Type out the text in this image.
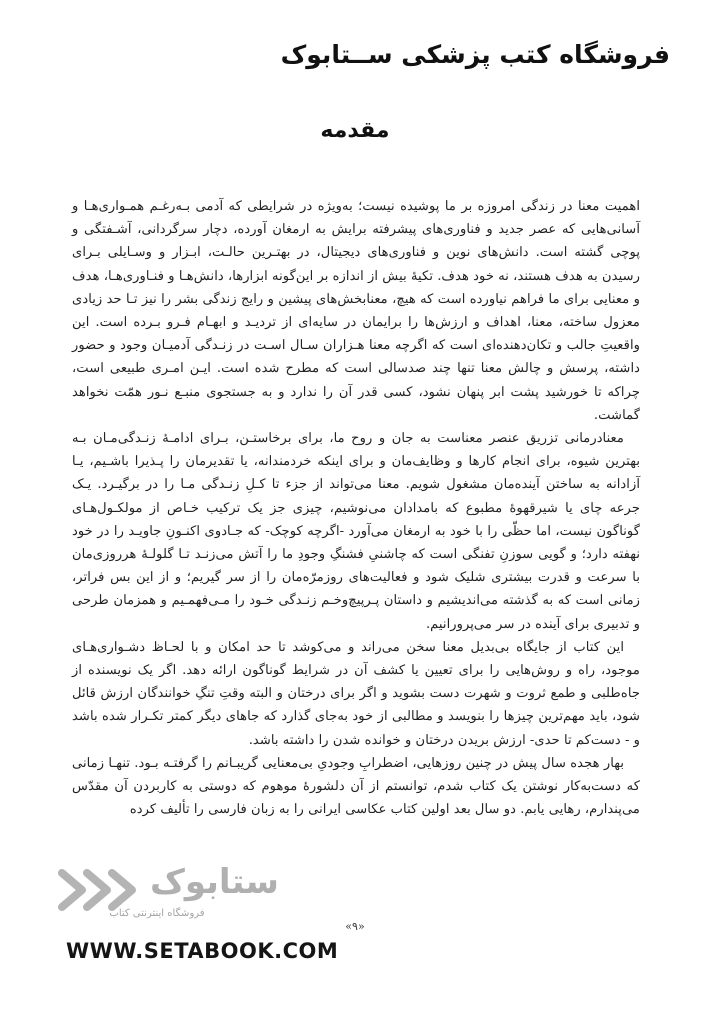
فروشگاه کتب پزشکی ســتابوک
مقدمه

اهمیت معنا در زندگی امروزه بر ما پوشیده نیست؛ به‌ویژه در شرایطی که آدمی بـه‌رغـم همـواری‌هـا و آسانی‌هایی که عصر جدید و فناوری‌های پیشرفته برایش به ارمغان آورده، دچار سرگردانی، آشـفتگی و پوچی گشته است. دانش‌های نوین و فناوری‌های دیجیتال، در بهتـرین حالـت، ابـزار و وسـایلی بـرای رسیدن به هدف هستند، نه خود هدف. تکیهٔ بیش از اندازه بر این‌گونه ابزارها، دانش‌هـا و فنـاوری‌هـا، هدف و معنایی برای ما فراهم نیاورده است که هیچ، معنابخش‌های پیشین و رایج زندگی بشر را نیز تـا حد زیادی معزول ساخته، معنا، اهداف و ارزش‌ها را برایمان در سایه‌ای از تردیـد و ابهـام فـرو بـرده است. این واقعیتِ جالب و تکان‌دهنده‌ای است که اگرچه معنا هـزاران سـال اسـت در زنـدگی آدمیـان وجود و حضور داشته، پرسش و چالش معنا تنها چند صدسالی است که مطرح شده است. ایـن امـری طبیعی است، چراکه تا خورشید پشت ابر پنهان نشود، کسی قدر آن را ندارد و به جستجوی منبـع نـور همّت نخواهد گماشت.

معنادرمانی تزریق عنصر معناست به جان و روح ما، برای برخاستـن، بـرای ادامـهٔ زنـدگی‌مـان بـه بهترین شیوه، برای انجام کارها و وظایف‌مان و برای اینکه خردمندانه، یا تقدیرمان را پـذیرا باشـیم، یـا آزادانه به ساختن آینده‌مان مشغول شویم. معنا می‌تواند از جزء تا کـلِ زنـدگی مـا را در برگیـرد. یـک جرعه چای یا شیرقهوهٔ مطبوع که بامدادان می‌نوشیم، چیزی جز یک ترکیب خـاص از مولکـول‌هـای گوناگون نیست، اما حظّی را با خود به ارمغان می‌آورد -اگرچه کوچک- که جـادوی اکنـونِ جاویـد را در خود نهفته دارد؛ و گویی سوزنِ تفنگی است که چاشنیِ فشنگِ وجودِ ما را آتش می‌زنـد تـا گلولـهٔ هرروزی‌مان با سرعت و قدرت بیشتری شلیک شود و فعالیت‌های روزمرّه‌مان را از سر گیریم؛ و از این بس فراتر، زمانی است که به گذشته می‌اندیشیم و داستان پـرپیچ‌وخـم زنـدگی خـود را مـی‌فهمـیم و همزمان طرحی و تدبیری برای آینده در سر می‌پرورانیم.

این کتاب از جایگاه بی‌بدیل معنا سخن می‌راند و می‌کوشد تا حد امکان و با لحـاظ دشـواری‌هـای موجود، راه و روش‌هایی را برای تعیین یا کشف آن در شرایط گوناگون ارائه دهد. اگر یک نویسنده از جاه‌طلبی و طمع ثروت و شهرت دست بشوید و اگر برای درختان و البته وقتِ تنگِ خوانندگان ارزش قائل شود، باید مهم‌ترین چیزها را بنویسد و مطالبی از خود به‌جای گذارد که جاهای دیگر کمتر تکـرار شده باشد و - دست‌کم تا حدی- ارزش بریدن درختان و خوانده شدن را داشته باشد.

بهار هجده سال پیش در چنین روزهایی، اضطرابِ وجودیِ بی‌معنایی گریبـانم را گرفتـه بـود. تنهـا زمانی که دست‌به‌کار نوشتن یک کتاب شدم، توانستم از آن دلشورهٔ موهوم که دوستی به کاربردن آن مقدّس می‌پندارم، رهایی یابم. دو سال بعد اولین کتاب عکاسی ایرانی را به زبان فارسی را تألیف کرده

«۹»
ستابوک
فروشگاه اینترنتی کتاب
WWW.SETABOOK.COM
